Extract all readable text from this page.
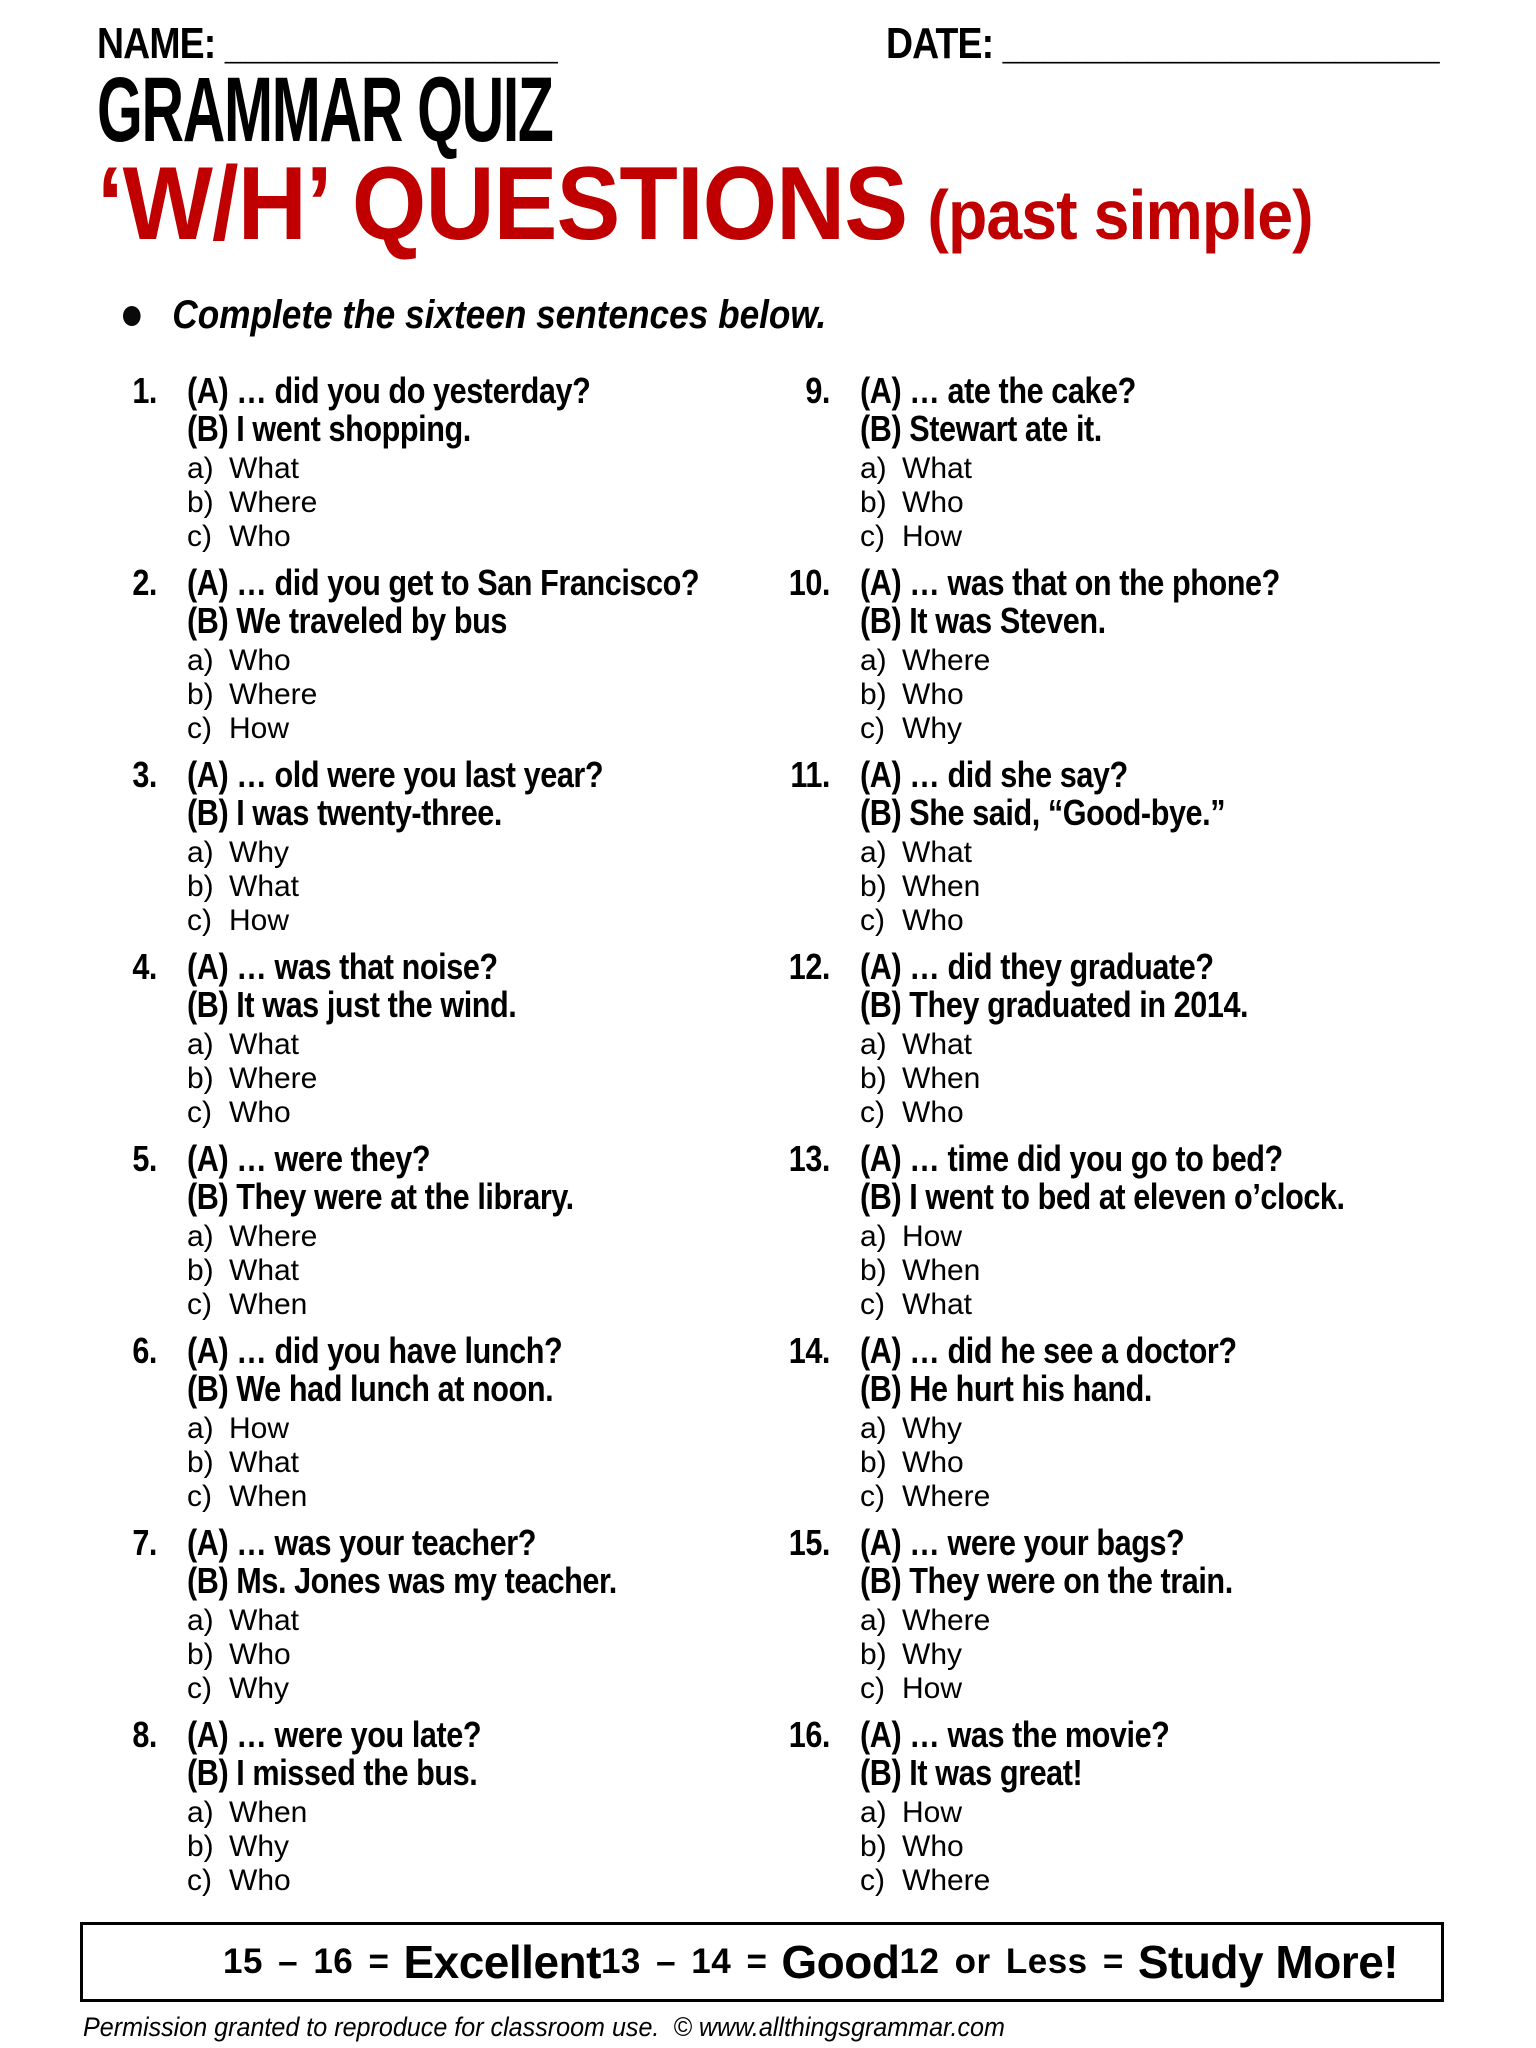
NAME: ________________	DATE: _____________________
GRAMMAR QUIZ
‘W/H’ QUESTIONS (past simple)
Complete the sixteen sentences below.
1. (A) … did you do yesterday?
(B) I went shopping.
a) What
b) Where
c) Who
2. (A) … did you get to San Francisco?
(B) We traveled by bus
a) Who
b) Where
c) How
3. (A) … old were you last year?
(B) I was twenty-three.
a) Why
b) What
c) How
4. (A) … was that noise?
(B) It was just the wind.
a) What
b) Where
c) Who
5. (A) … were they?
(B) They were at the library.
a) Where
b) What
c) When
6. (A) … did you have lunch?
(B) We had lunch at noon.
a) How
b) What
c) When
7. (A) … was your teacher?
(B) Ms. Jones was my teacher.
a) What
b) Who
c) Why
8. (A) … were you late?
(B) I missed the bus.
a) When
b) Why
c) Who
9. (A) … ate the cake?
(B) Stewart ate it.
a) What
b) Who
c) How
10. (A) … was that on the phone?
(B) It was Steven.
a) Where
b) Who
c) Why
11. (A) … did she say?
(B) She said, “Good-bye.”
a) What
b) When
c) Who
12. (A) … did they graduate?
(B) They graduated in 2014.
a) What
b) When
c) Who
13. (A) … time did you go to bed?
(B) I went to bed at eleven o’clock.
a) How
b) When
c) What
14. (A) … did he see a doctor?
(B) He hurt his hand.
a) Why
b) Who
c) Where
15. (A) … were your bags?
(B) They were on the train.
a) Where
b) Why
c) How
16. (A) … was the movie?
(B) It was great!
a) How
b) Who
c) Where
15 – 16 = Excellent 13 – 14 = Good 12 or Less = Study More!
Permission granted to reproduce for classroom use.  © www.allthingsgrammar.com
